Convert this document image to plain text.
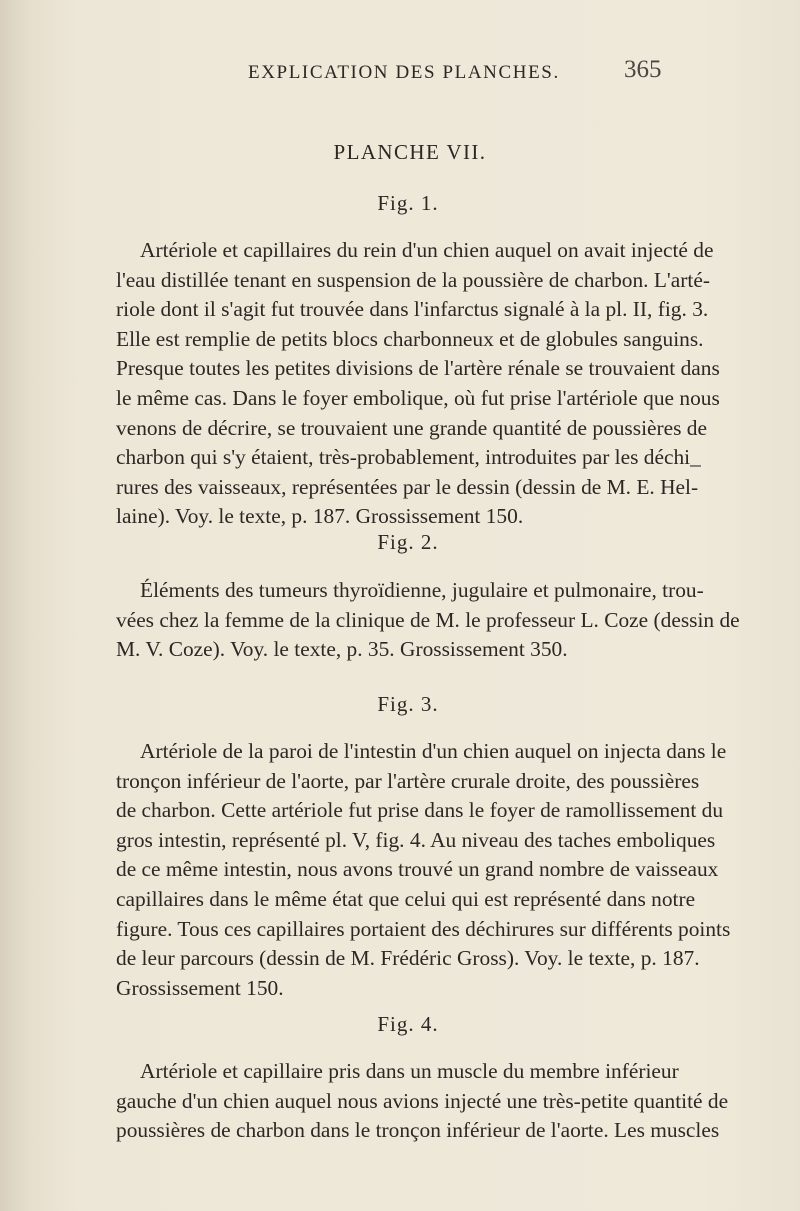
EXPLICATION DES PLANCHES.	365
PLANCHE VII.
Fig. 1.
Artériole et capillaires du rein d'un chien auquel on avait injecté de
l'eau distillée tenant en suspension de la poussière de charbon. L'arté-
riole dont il s'agit fut trouvée dans l'infarctus signalé à la pl. II, fig. 3.
Elle est remplie de petits blocs charbonneux et de globules sanguins.
Presque toutes les petites divisions de l'artère rénale se trouvaient dans
le même cas. Dans le foyer embolique, où fut prise l'artériole que nous
venons de décrire, se trouvaient une grande quantité de poussières de
charbon qui s'y étaient, très-probablement, introduites par les déchi_
rures des vaisseaux, représentées par le dessin (dessin de M. E. Hel-
laine). Voy. le texte, p. 187. Grossissement 150.
Fig. 2.
Éléments des tumeurs thyroïdienne, jugulaire et pulmonaire, trou-
vées chez la femme de la clinique de M. le professeur L. Coze (dessin de
M. V. Coze). Voy. le texte, p. 35. Grossissement 350.
Fig. 3.
Artériole de la paroi de l'intestin d'un chien auquel on injecta dans le
tronçon inférieur de l'aorte, par l'artère crurale droite, des poussières
de charbon. Cette artériole fut prise dans le foyer de ramollissement du
gros intestin, représenté pl. V, fig. 4. Au niveau des taches emboliques
de ce même intestin, nous avons trouvé un grand nombre de vaisseaux
capillaires dans le même état que celui qui est représenté dans notre
figure. Tous ces capillaires portaient des déchirures sur différents points
de leur parcours (dessin de M. Frédéric Gross). Voy. le texte, p. 187.
Grossissement 150.
Fig. 4.
Artériole et capillaire pris dans un muscle du membre inférieur
gauche d'un chien auquel nous avions injecté une très-petite quantité de
poussières de charbon dans le tronçon inférieur de l'aorte. Les muscles
